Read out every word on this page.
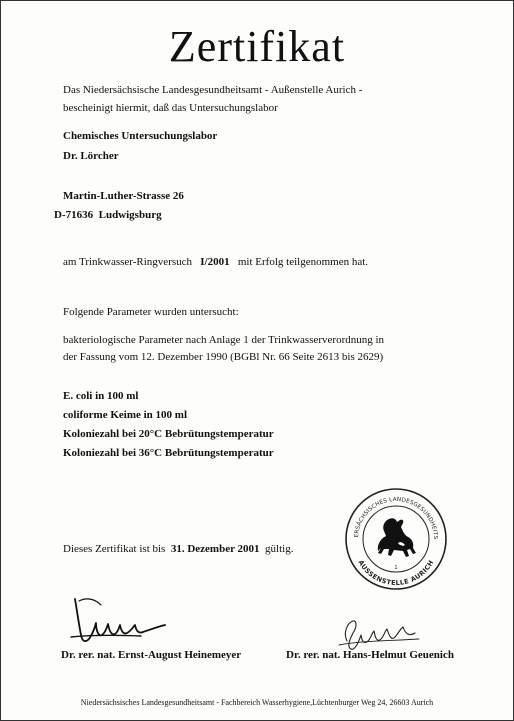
Zertifikat
Das Niedersächsische Landesgesundheitsamt - Außenstelle Aurich -
bescheinigt hiermit, daß das Untersuchungslabor
Chemisches Untersuchungslabor
Dr. Lörcher
Martin-Luther-Strasse 26
D-71636 Ludwigsburg
am Trinkwasser-Ringversuch I/2001 mit Erfolg teilgenommen hat.
Folgende Parameter wurden untersucht:
bakteriologische Parameter nach Anlage 1 der Trinkwasserverordnung in
der Fassung vom 12. Dezember 1990 (BGBl Nr. 66 Seite 2613 bis 2629)
E. coli in 100 ml
coliforme Keime in 100 ml
Koloniezahl bei 20°C Bebrütungstemperatur
Koloniezahl bei 36°C Bebrütungstemperatur
Dieses Zertifikat ist bis 31. Dezember 2001 gültig.
ERSÄCHSISCHES LANDESGESUNDHEITS
AUSSENSTELLE AURICH
1
Dr. rer. nat. Ernst-August Heinemeyer	Dr. rer. nat. Hans-Helmut Geuenich
Niedersächsisches Landesgesundheitsamt - Fachbereich Wasserhygiene,Lüchtenburger Weg 24, 26603 Aurich
